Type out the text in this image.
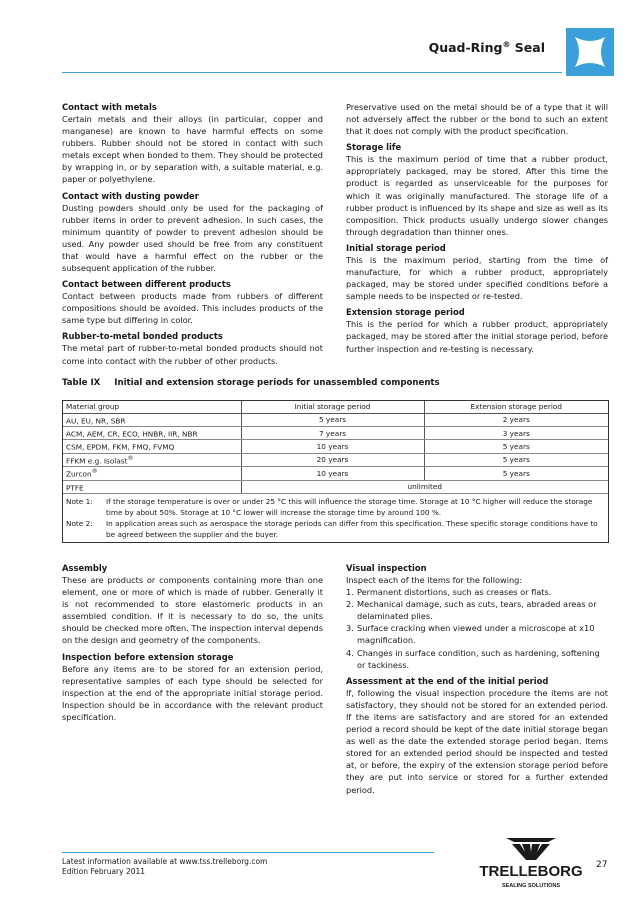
Quad-Ring® Seal
Contact with metals

Certain metals and their alloys (in particular, copper and manganese) are known to have harmful effects on some rubbers. Rubber should not be stored in contact with such metals except when bonded to them. They should be protected by wrapping in, or by separation with, a suitable material, e.g. paper or polyethylene.

Contact with dusting powder

Dusting powders should only be used for the packaging of rubber items in order to prevent adhesion. In such cases, the minimum quantity of powder to prevent adhesion should be used. Any powder used should be free from any constituent that would have a harmful effect on the rubber or the subsequent application of the rubber.

Contact between different products

Contact between products made from rubbers of different compositions should be avoided. This includes products of the same type but differing in color.

Rubber-to-metal bonded products

The metal part of rubber-to-metal bonded products should not come into contact with the rubber of other products.

Preservative used on the metal should be of a type that it will not adversely affect the rubber or the bond to such an extent that it does not comply with the product specification.

Storage life

This is the maximum period of time that a rubber product, appropriately packaged, may be stored. After this time the product is regarded as unserviceable for the purposes for which it was originally manufactured. The storage life of a rubber product is influenced by its shape and size as well as its composition. Thick products usually undergo slower changes through degradation than thinner ones.

Initial storage period

This is the maximum period, starting from the time of manufacture, for which a rubber product, appropriately packaged, may be stored under specified conditions before a sample needs to be inspected or re-tested.

Extension storage period

This is the period for which a rubber product, appropriately packaged, may be stored after the initial storage period, before further inspection and re-testing is necessary.

Table IX Initial and extension storage periods for unassembled components
Material group	Initial storage period	Extension storage period
AU, EU, NR, SBR	5 years	2 years
ACM, AEM, CR, ECO, HNBR, IIR, NBR	7 years	3 years
CSM, EPDM, FKM, FMQ, FVMQ	10 years	5 years
FFKM e.g. Isolast®	20 years	5 years
Zurcon®	10 years	5 years
PTFE	unlimited	
Note 1:	If the storage temperature is over or under 25 °C this will influence the storage time. Storage at 10 °C higher will reduce the storage time by about 50%. Storage at 10 °C lower will increase the storage time by around 100 %.
Note 2:	In application areas such as aerospace the storage periods can differ from this specification. These specific storage conditions have to be agreed between the supplier and the buyer.
Assembly

These are products or components containing more than one element, one or more of which is made of rubber. Generally it is not recommended to store elastomeric products in an assembled condition. If it is necessary to do so, the units should be checked more often. The inspection interval depends on the design and geometry of the components.

Inspection before extension storage

Before any items are to be stored for an extension period, representative samples of each type should be selected for inspection at the end of the appropriate initial storage period. Inspection should be in accordance with the relevant product specification.

Visual inspection

Inspect each of the items for the following:

1. Permanent distortions, such as creases or flats.
2. Mechanical damage, such as cuts, tears, abraded areas or delaminated plies.
3. Surface cracking when viewed under a microscope at x10 magnification.
4. Changes in surface condition, such as hardening, softening or tackiness.
Assessment at the end of the initial period

If, following the visual inspection procedure the items are not satisfactory, they should not be stored for an extended period. If the items are satisfactory and are stored for an extended period a record should be kept of the date initial storage began as well as the date the extended storage period began. Items stored for an extended period should be inspected and tested at, or before, the expiry of the extension storage period before they are put into service or stored for a further extended period.

Latest information available at www.tss.trelleborg.com
Edition February 2011	TRELLEBORG
SEALING SOLUTIONS
27
